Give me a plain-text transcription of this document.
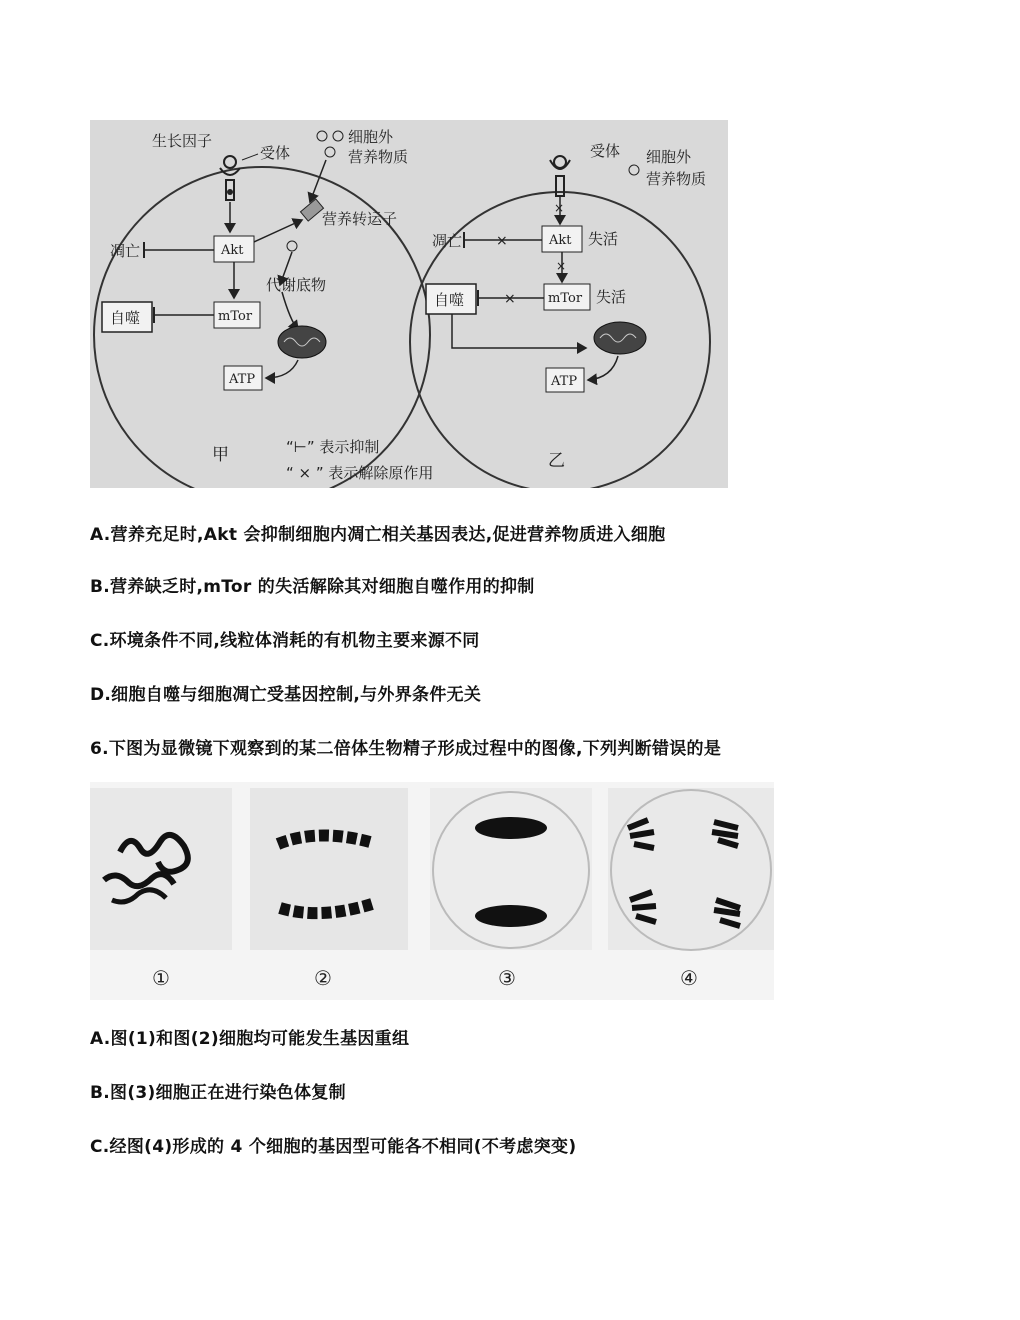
生长因子
受体
细胞外
营养物质
营养转运子
Akt
凋亡
代谢底物
mTor
自噬
ATP
甲
受体 细胞外
营养物质
×
Akt 失活
凋亡 ×
×
mTor 失活
自噬	×
ATP
乙
“⊢” 表示抑制
“ × ” 表示解除原作用
A.营养充足时,Akt 会抑制细胞内凋亡相关基因表达,促进营养物质进入细胞
B.营养缺乏时,mTor 的失活解除其对细胞自噬作用的抑制
C.环境条件不同,线粒体消耗的有机物主要来源不同
D.细胞自噬与细胞凋亡受基因控制,与外界条件无关
6.下图为显微镜下观察到的某二倍体生物精子形成过程中的图像,下列判断错误的是
①	②	③	④
A.图(1)和图(2)细胞均可能发生基因重组
B.图(3)细胞正在进行染色体复制
C.经图(4)形成的 4 个细胞的基因型可能各不相同(不考虑突变)
